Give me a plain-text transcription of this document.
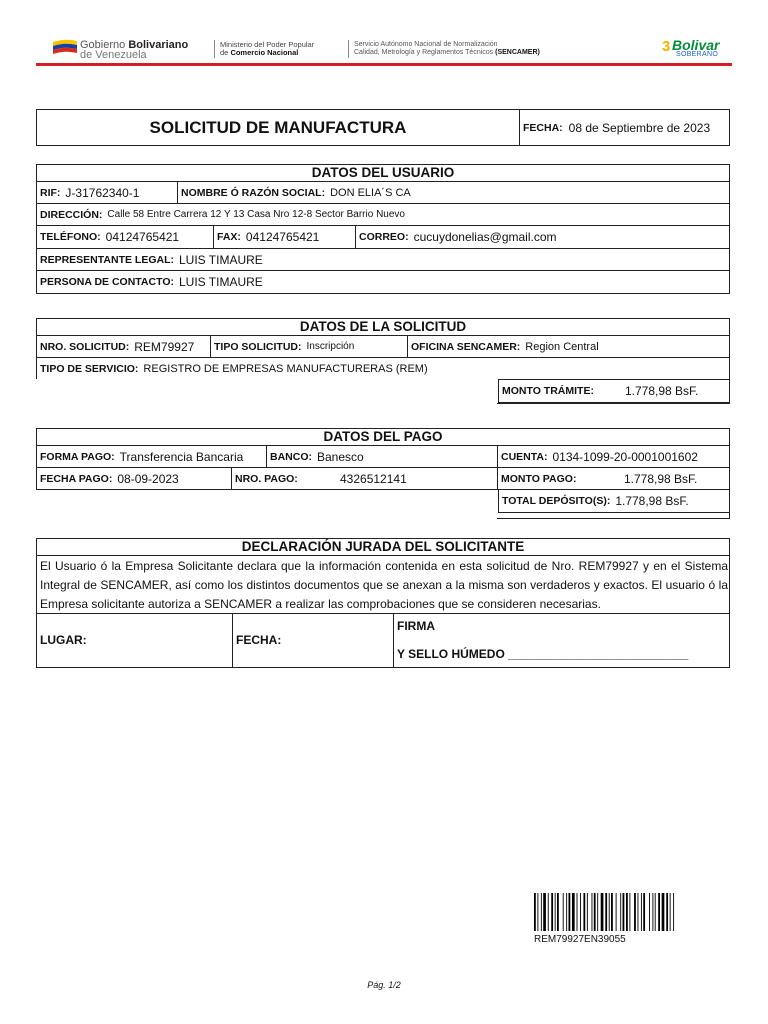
Gobierno Bolivariano
de Venezuela
Ministerio del Poder Popular
de Comercio Nacional
Servicio Autónomo Nacional de Normalización
Calidad, Metrología y Reglamentos Técnicos (SENCAMER)	3 Bolivar
SOBERANO
SOLICITUD DE MANUFACTURA	FECHA: 08 de Septiembre de 2023
DATOS DEL USUARIO
RIF: J-31762340-1	NOMBRE Ó RAZÓN SOCIAL: DON ELIA´S CA
DIRECCIÓN: Calle 58 Entre Carrera 12 Y 13 Casa Nro 12-8 Sector Barrio Nuevo
TELÉFONO: 04124765421	FAX: 04124765421	CORREO: cucuydonelias@gmail.com
REPRESENTANTE LEGAL: LUIS TIMAURE
PERSONA DE CONTACTO: LUIS TIMAURE
DATOS DE LA SOLICITUD
NRO. SOLICITUD: REM79927 TIPO SOLICITUD: Inscripción	OFICINA SENCAMER: Region Central
TIPO DE SERVICIO: REGISTRO DE EMPRESAS MANUFACTURERAS (REM)
MONTO TRÁMITE:	1.778,98 BsF.
DATOS DEL PAGO
FORMA PAGO: Transferencia Bancaria	BANCO: Banesco	CUENTA: 0134-1099-20-0001001602
FECHA PAGO: 08-09-2023	NRO. PAGO:	4326512141	MONTO PAGO:	1.778,98 BsF.
TOTAL DEPÓSITO(S): 1.778,98 BsF.
DECLARACIÓN JURADA DEL SOLICITANTE
El Usuario ó la Empresa Solicitante declara que la información contenida en esta solicitud de Nro. REM79927 y en el Sistema Integral de SENCAMER, así como los distintos documentos que se anexan a la misma son verdaderos y exactos. El usuario ó la Empresa solicitante autoriza a SENCAMER a realizar las comprobaciones que se consideren necesarias.
LUGAR:	FECHA:
FIRMA
Y SELLO HÚMEDO ___________________________
REM79927EN39055
Pág. 1/2
